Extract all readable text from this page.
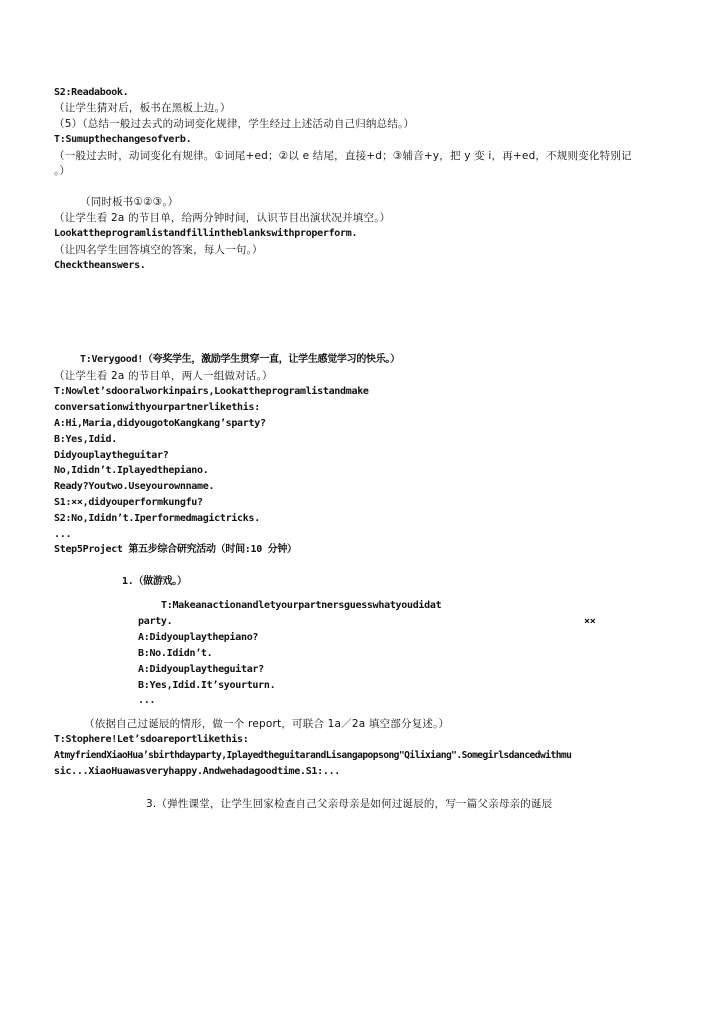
S2:Readabook.
（让学生猜对后，板书在黑板上边。）
（5）（总结一般过去式的动词变化规律，学生经过上述活动自己归纳总结。）
T:Sumupthechangesofverb.
（一般过去时，动词变化有规律。①词尾+ed；②以 e 结尾，直接+d；③辅音+y，把 y 变 i，再+ed，不规则变化特别记
。）
（同时板书①②③。）
（让学生看 2a 的节目单，给两分钟时间，认识节目出演状况并填空。）
Lookattheprogramlistandfillintheblankswithproperform.
（让四名学生回答填空的答案，每人一句。）
Checktheanswers.
T:Verygood!（夸奖学生，激励学生贯穿一直，让学生感觉学习的快乐。）
（让学生看 2a 的节目单，两人一组做对话。）
T:Nowlet’sdooralworkinpairs,Lookattheprogramlistandmake
conversationwithyourpartnerlikethis:
A:Hi,Maria,didyougotoKangkang’sparty?
B:Yes,Idid.
Didyouplaytheguitar?
No,Ididn’t.Iplayedthepiano.
Ready?Youtwo.Useyourownname.
S1:××,didyouperformkungfu?
S2:No,Ididn’t.Iperformedmagictricks.
...
Step5Project 第五步综合研究活动（时间:10 分钟）
1.（做游戏。）
T:Makeanactionandletyourpartnersguesswhatyoudidat
party.	××
A:Didyouplaythepiano?
B:No.Ididn’t.
A:Didyouplaytheguitar?
B:Yes,Idid.It’syourturn.
...
（依据自己过诞辰的情形，做一个 report，可联合 1a／2a 填空部分复述。）
T:Stophere!Let’sdoareportlikethis:
AtmyfriendXiaoHua’sbirthdayparty,IplayedtheguitarandLisangapopsong"Qilixiang".Somegirlsdancedwithmu
sic...XiaoHuawasveryhappy.Andwehadagoodtime.S1:...
3.（弹性课堂，让学生回家检查自己父亲母亲是如何过诞辰的，写一篇父亲母亲的诞辰
